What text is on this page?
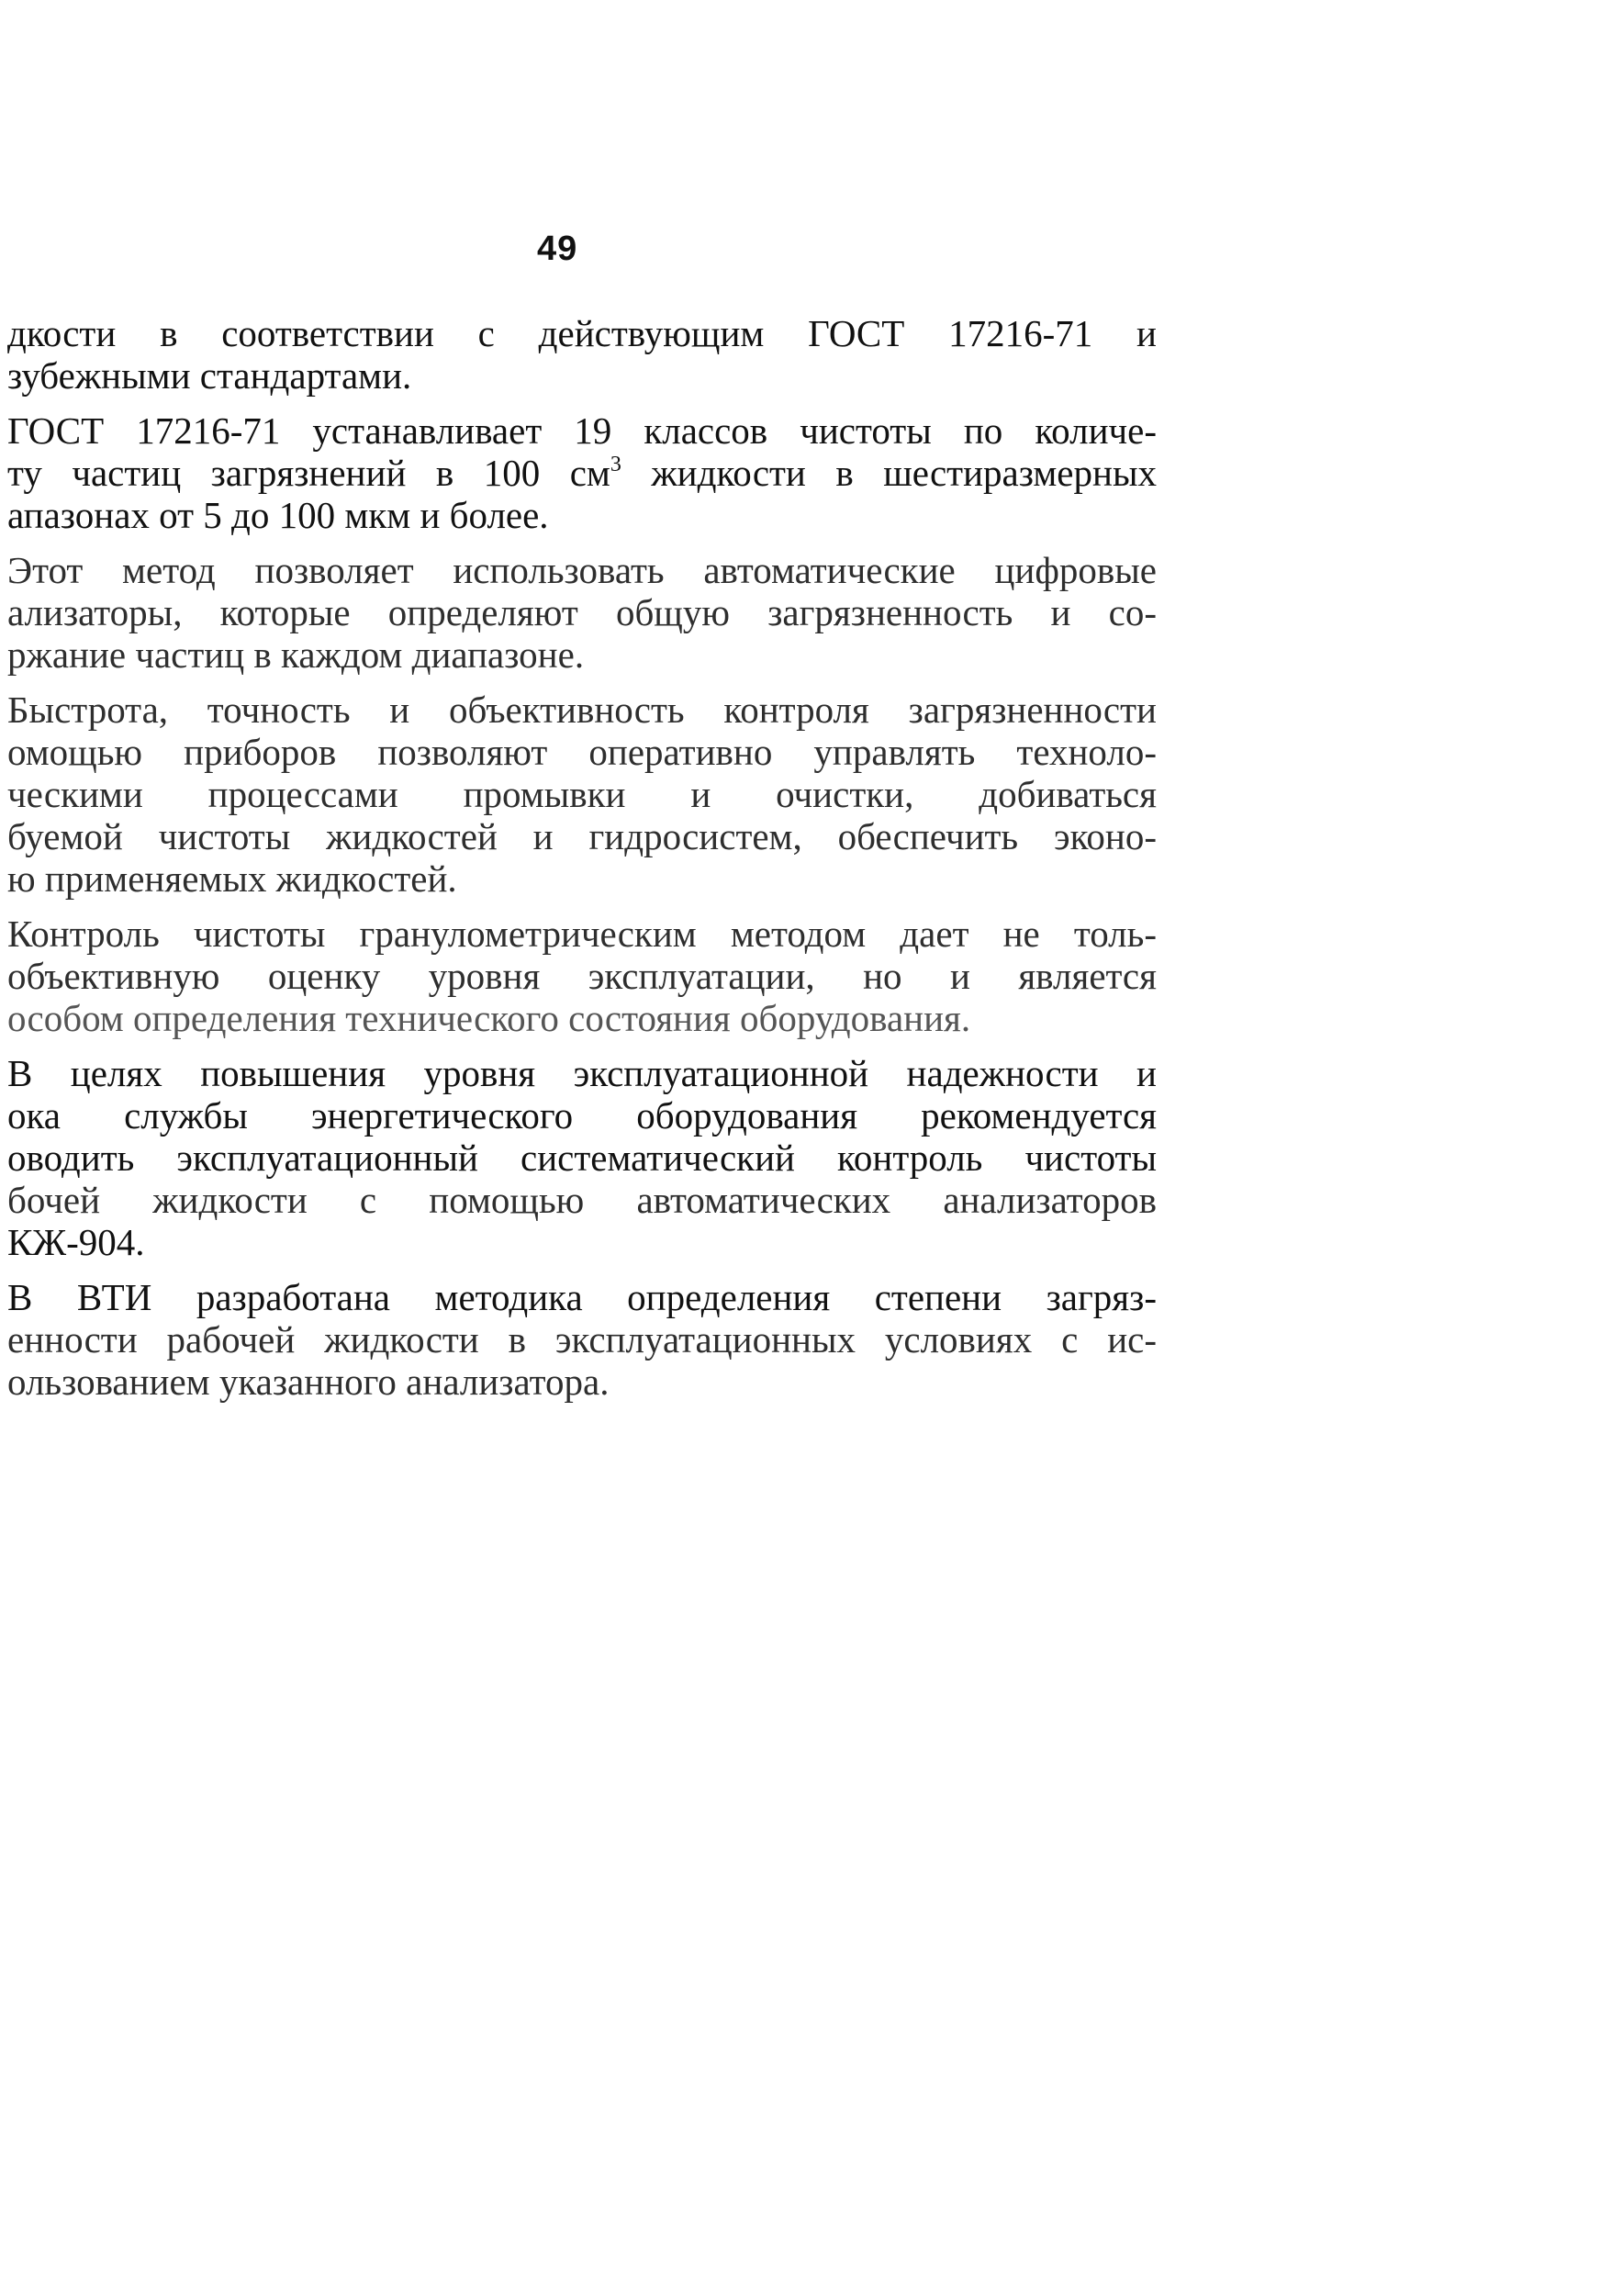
49
дкости в соответствии с действующим ГОСТ 17216-71 и
зубежными стандартами.
ГОСТ 17216-71 устанавливает 19 классов чистоты по количе-
ту частиц загрязнений в 100 $см^3$ жидкости в шестиразмерных
апазонах от 5 до 100 мкм и более.
Этот метод позволяет использовать автоматические цифровые
ализаторы, которые определяют общую загрязненность и со-
ржание частиц в каждом диапазоне.
Быстрота, точность и объективность контроля загрязненности
омощью приборов позволяют оперативно управлять техноло-
ческими процессами промывки и очистки, добиваться
буемой чистоты жидкостей и гидросистем, обеспечить эконо-
ю применяемых жидкостей.
Контроль чистоты гранулометрическим методом дает не толь-
объективную оценку уровня эксплуатации, но и является
особом определения технического состояния оборудования.
В целях повышения уровня эксплуатационной надежности и
ока службы энергетического оборудования рекомендуется
оводить эксплуатационный систематический контроль чистоты
бочей жидкости с помощью автоматических анализаторов
КЖ-904.
В ВТИ разработана методика определения степени загряз-
енности рабочей жидкости в эксплуатационных условиях с ис-
ользованием указанного анализатора.
